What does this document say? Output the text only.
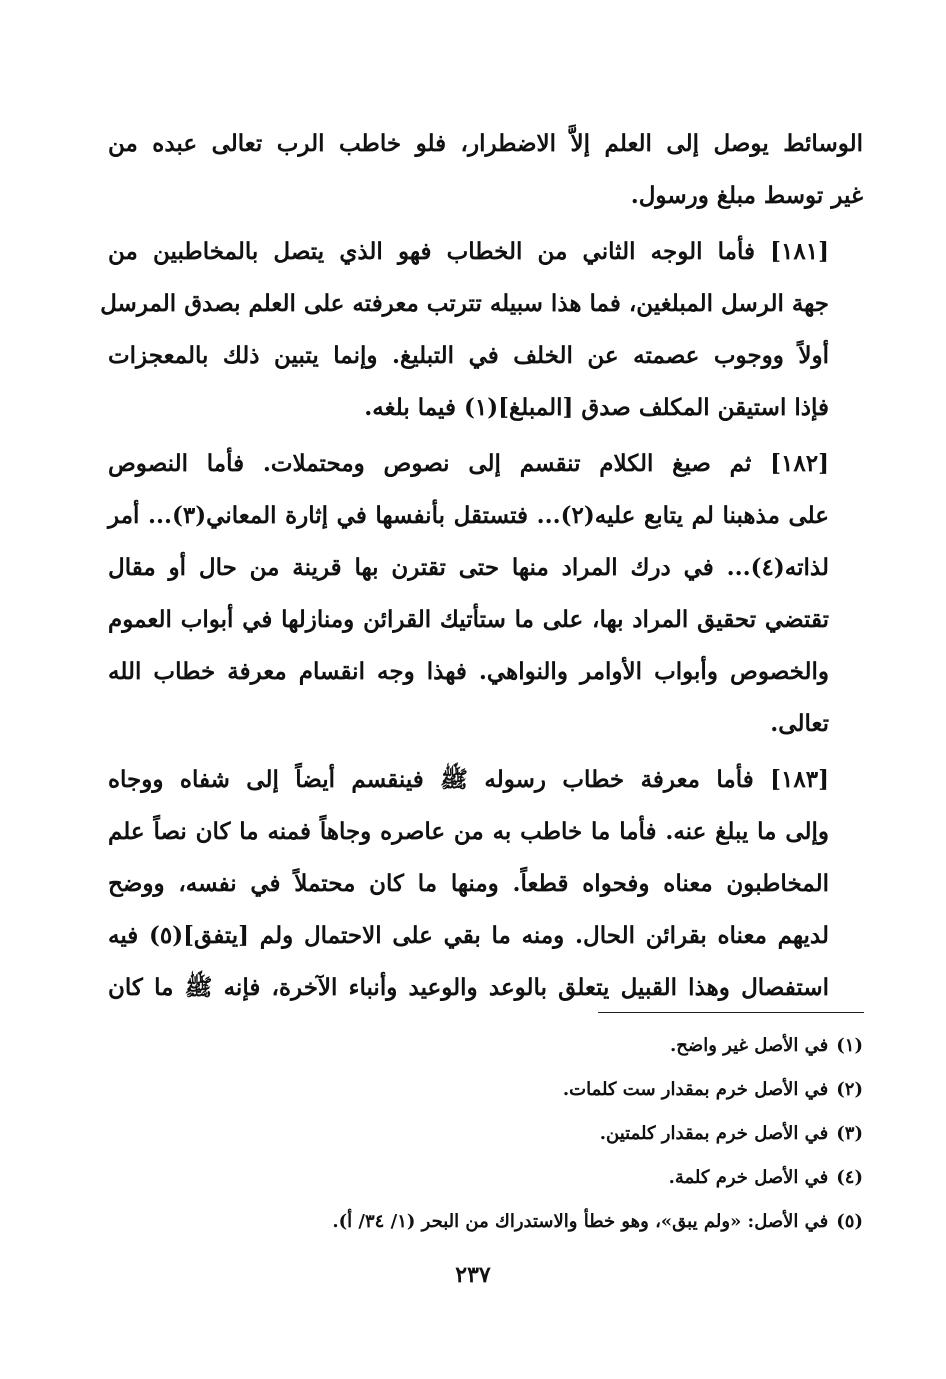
الوسائط يوصل إلى العلم إلاَّ الاضطرار، فلو خاطب الرب تعالى عبده من
غير توسط مبلغ ورسول.

[١٨١] فأما الوجه الثاني من الخطاب فهو الذي يتصل بالمخاطبين من
جهة الرسل المبلغين، فما هذا سبيله تترتب معرفته على العلم بصدق المرسل
أولاً ووجوب عصمته عن الخلف في التبليغ. وإنما يتبين ذلك بالمعجزات
فإذا استيقن المكلف صدق [المبلغ](١) فيما بلغه.

[١٨٢] ثم صيغ الكلام تنقسم إلى نصوص ومحتملات. فأما النصوص
على مذهبنا لم يتابع عليه(٢)... فتستقل بأنفسها في إثارة المعاني(٣)... أمر
لذاته(٤)... في درك المراد منها حتى تقترن بها قرينة من حال أو مقال
تقتضي تحقيق المراد بها، على ما ستأتيك القرائن ومنازلها في أبواب العموم
والخصوص وأبواب الأوامر والنواهي. فهذا وجه انقسام معرفة خطاب الله
تعالى.

[١٨٣] فأما معرفة خطاب رسوله ﷺ فينقسم أيضاً إلى شفاه ووجاه
وإلى ما يبلغ عنه. فأما ما خاطب به من عاصره وجاهاً فمنه ما كان نصاً علم
المخاطبون معناه وفحواه قطعاً. ومنها ما كان محتملاً في نفسه، ووضح
لديهم معناه بقرائن الحال. ومنه ما بقي على الاحتمال ولم [يتفق](٥) فيه
استفصال وهذا القبيل يتعلق بالوعد والوعيد وأنباء الآخرة، فإنه ﷺ ما كان

(١)في الأصل غير واضح.
(٢)في الأصل خرم بمقدار ست كلمات.
(٣)في الأصل خرم بمقدار كلمتين.
(٤)في الأصل خرم كلمة.
(٥)في الأصل: «ولم يبق»، وهو خطأ والاستدراك من البحر (١/ ٣٤/ أ).
٢٣٧
